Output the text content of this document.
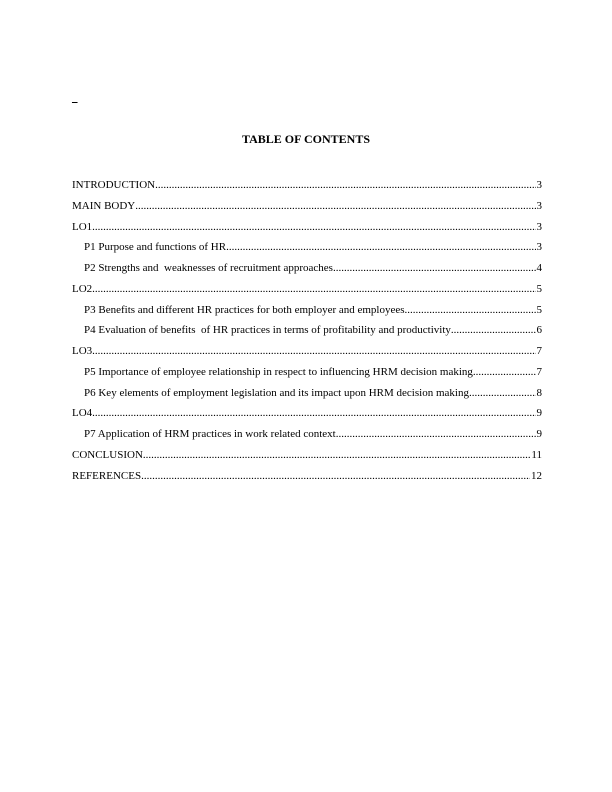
_
TABLE OF CONTENTS
INTRODUCTION .....	3
MAIN BODY .....	3
LO1 .....	3
P1 Purpose and functions of HR .....	3
P2 Strengths and  weaknesses of recruitment approaches .....	4
LO2 .....	5
P3 Benefits and different HR practices for both employer and employees .....	5
P4 Evaluation of benefits  of HR practices in terms of profitability and productivity .....	6
LO3 .....	7
P5 Importance of employee relationship in respect to influencing HRM decision making .....	7
P6 Key elements of employment legislation and its impact upon HRM decision making .....	8
LO4 .....	9
P7 Application of HRM practices in work related context .....	9
CONCLUSION .....	11
REFERENCES .....	12
